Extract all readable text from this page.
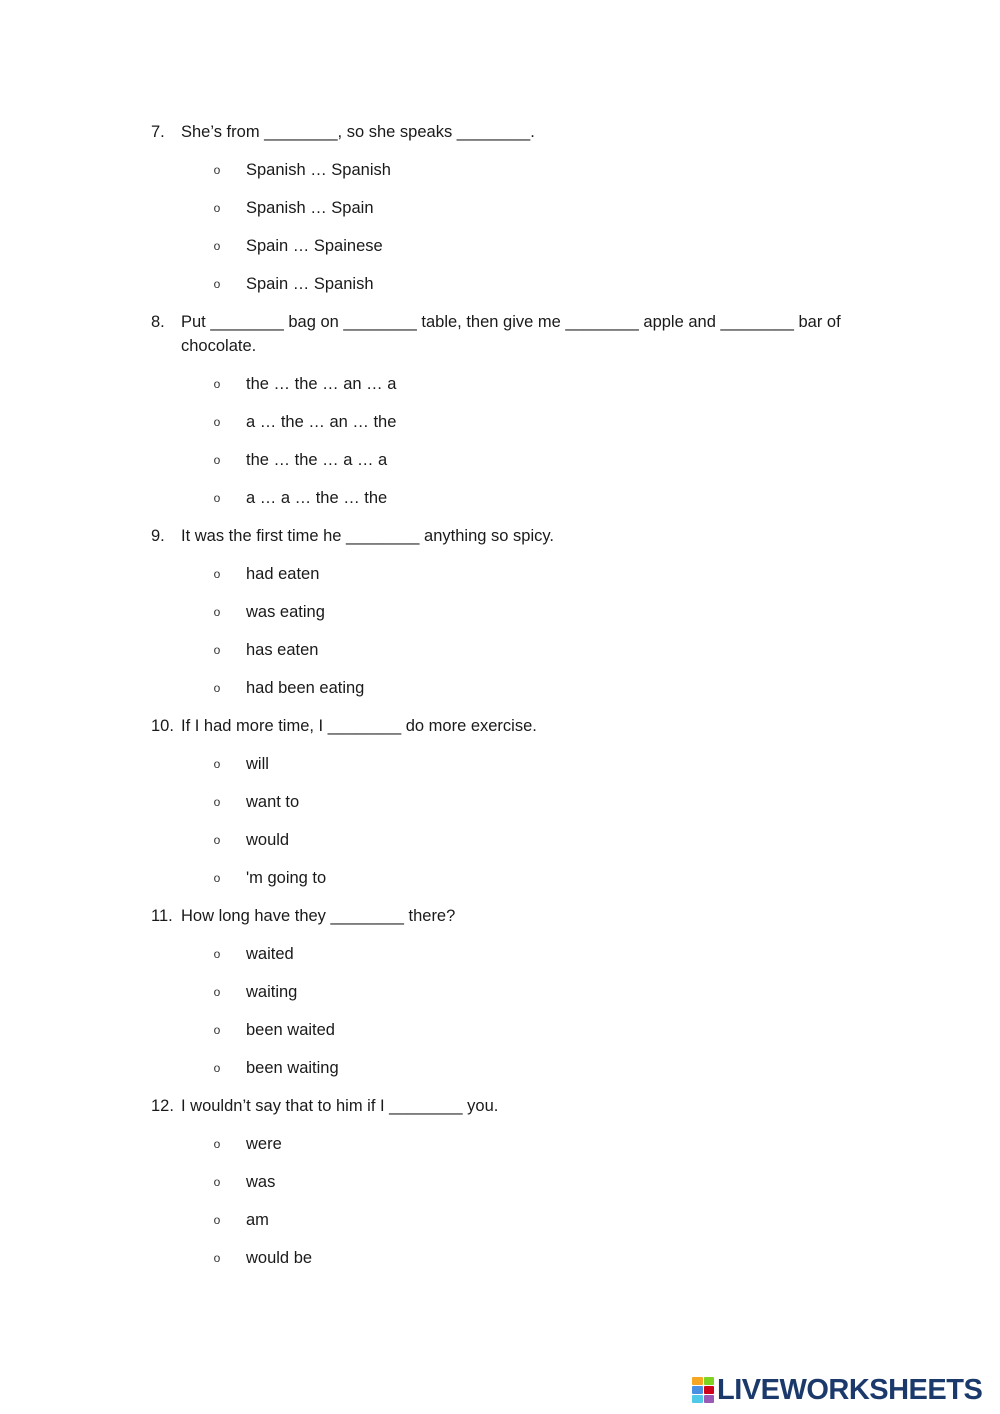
7. She’s from ________, so she speaks ________.
o Spanish … Spanish
o Spanish … Spain
o Spain … Spainese
o Spain … Spanish
8. Put ________ bag on ________ table, then give me ________ apple and ________ bar of chocolate.
o the … the … an … a
o a … the … an … the
o the … the … a … a
o a … a … the … the
9. It was the first time he ________ anything so spicy.
o had eaten
o was eating
o has eaten
o had been eating
10. If I had more time, I ________ do more exercise.
o will
o want to
o would
o 'm going to
11. How long have they ________ there?
o waited
o waiting
o been waited
o been waiting
12. I wouldn’t say that to him if I ________ you.
o were
o was
o am
o would be
LIVEWORKSHEETS
